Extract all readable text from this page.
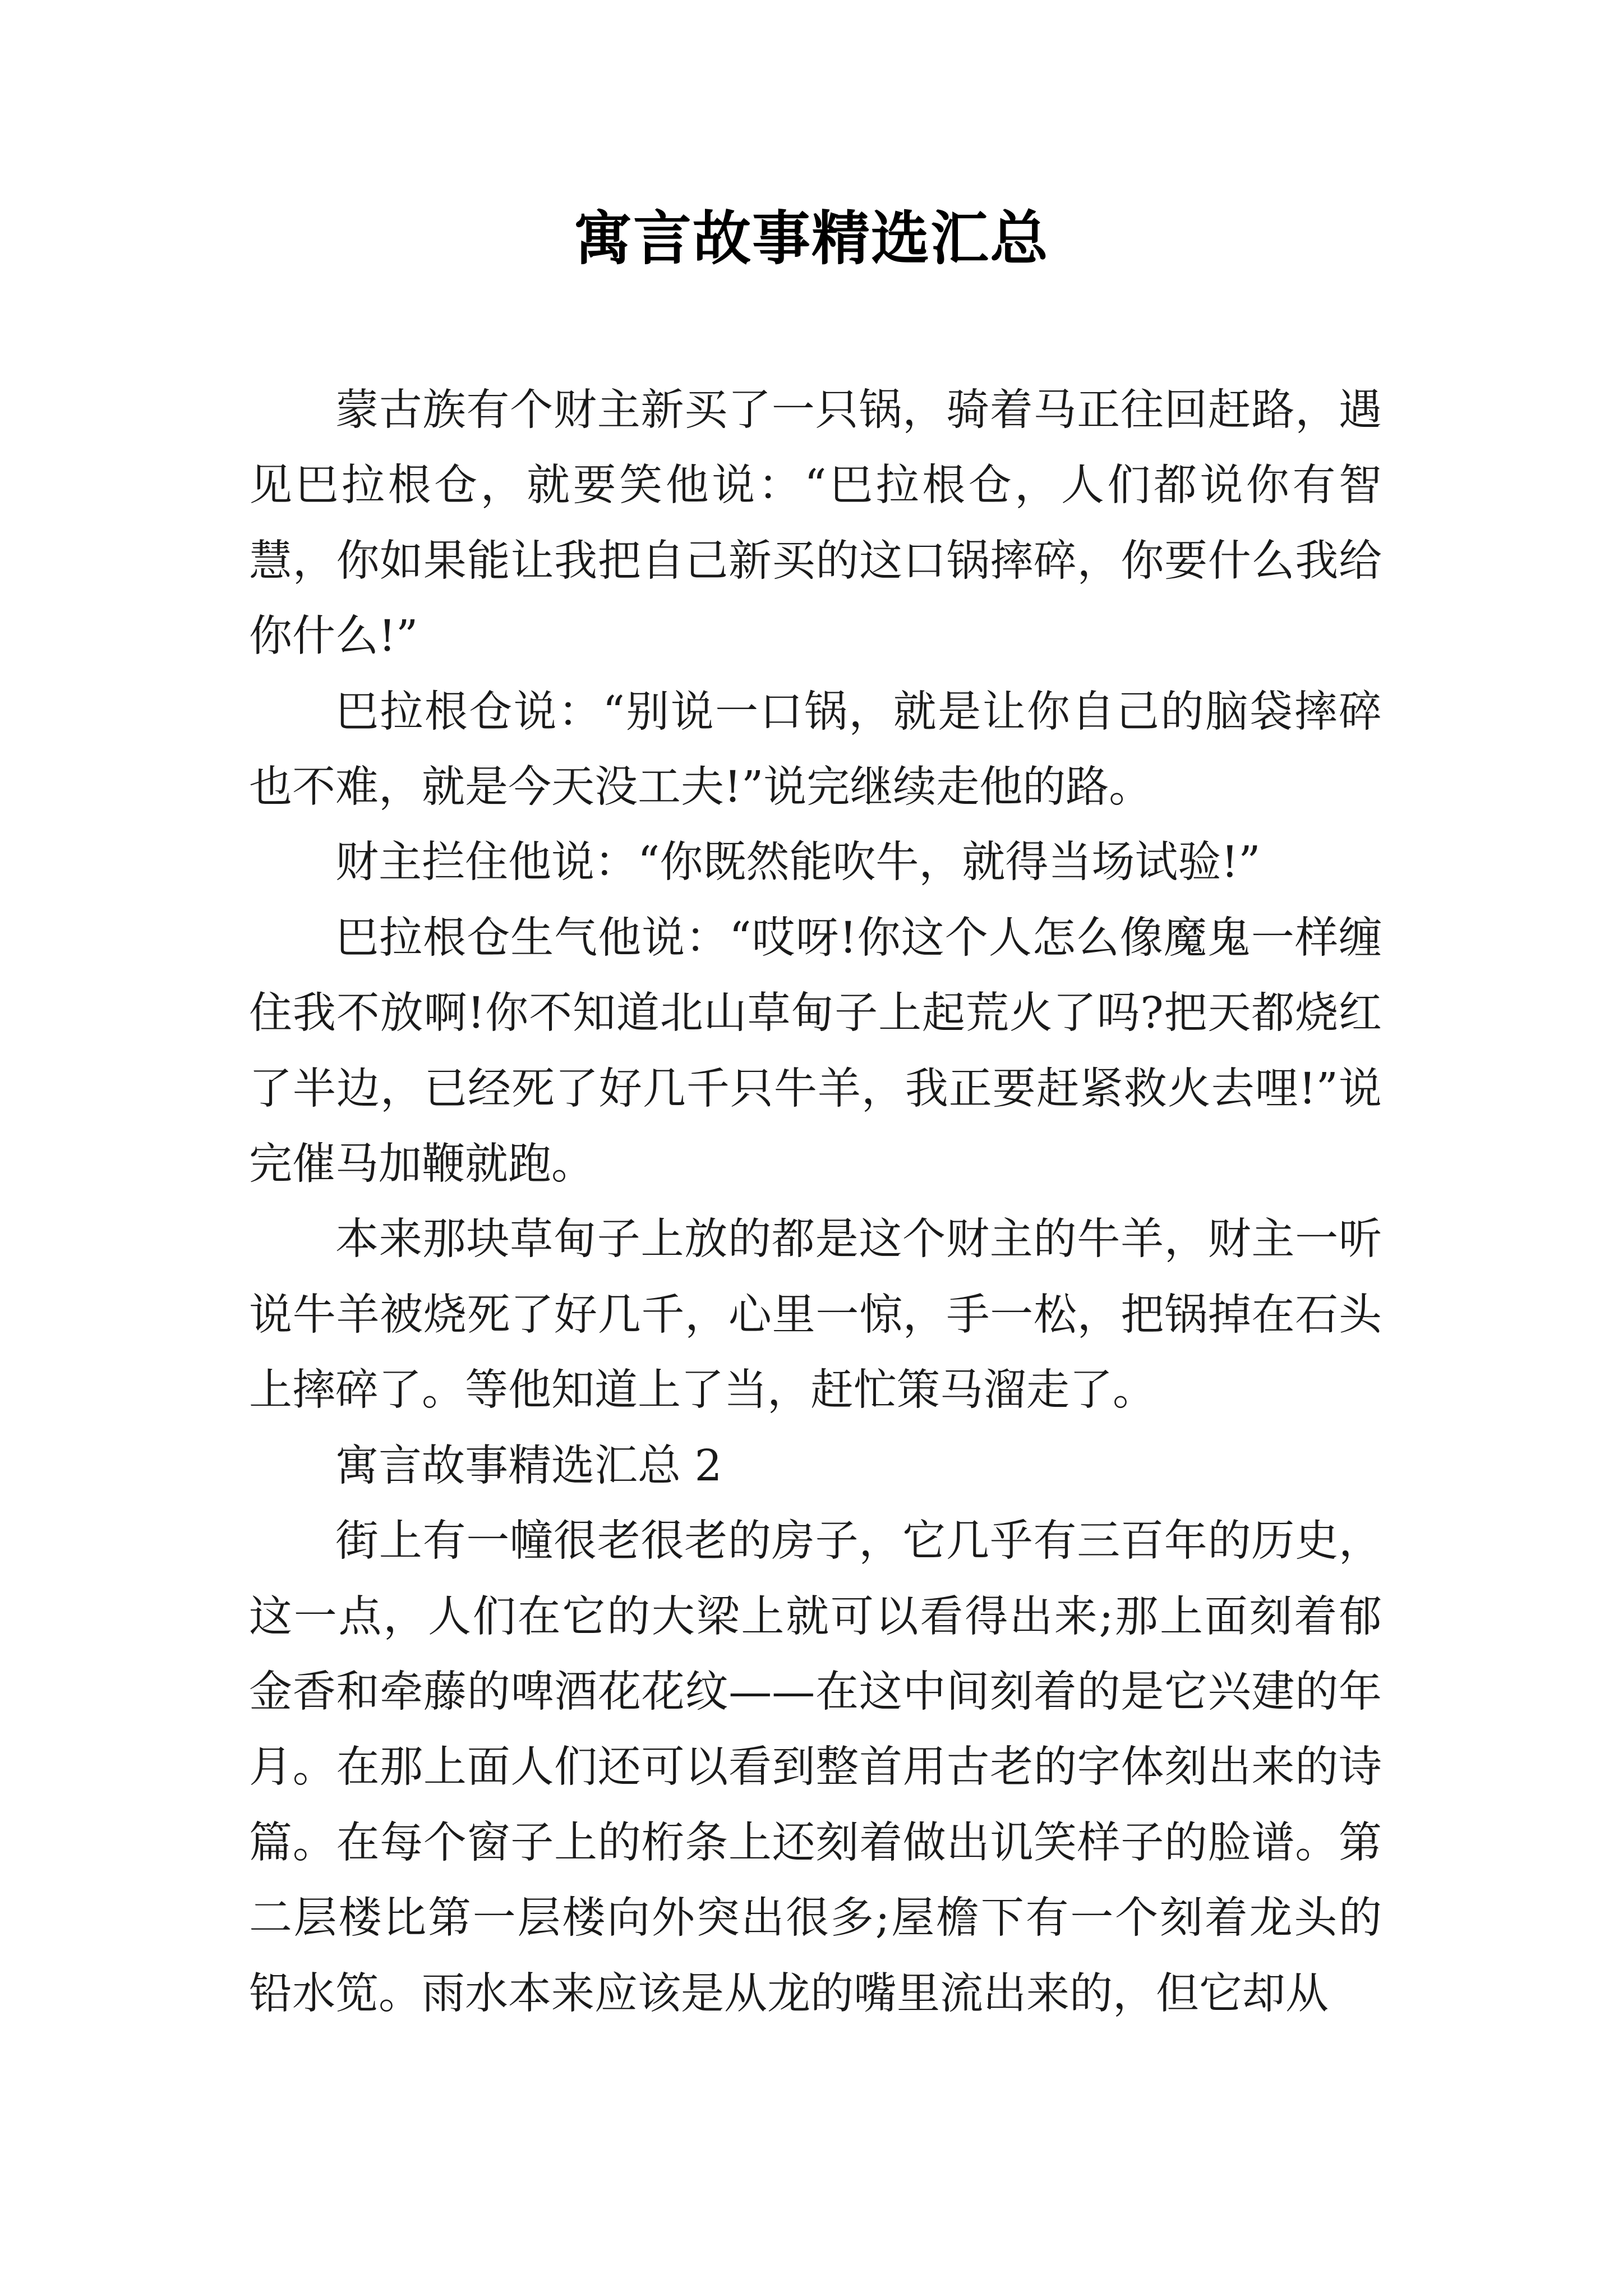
寓言故事精选汇总

蒙古族有个财主新买了一只锅，骑着马正往回赶路，遇见巴拉根仓，就要笑他说：“巴拉根仓，人们都说你有智慧，你如果能让我把自己新买的这口锅摔碎，你要什么我给你什么!”

巴拉根仓说：“别说一口锅，就是让你自己的脑袋摔碎也不难，就是今天没工夫!”说完继续走他的路。

财主拦住他说：“你既然能吹牛，就得当场试验!”

巴拉根仓生气他说：“哎呀!你这个人怎么像魔鬼一样缠住我不放啊!你不知道北山草甸子上起荒火了吗?把天都烧红了半边，已经死了好几千只牛羊，我正要赶紧救火去哩!”说完催马加鞭就跑。

本来那块草甸子上放的都是这个财主的牛羊，财主一听说牛羊被烧死了好几千，心里一惊，手一松，把锅掉在石头上摔碎了。等他知道上了当，赶忙策马溜走了。

寓言故事精选汇总 2

街上有一幢很老很老的房子，它几乎有三百年的历史，这一点，人们在它的大梁上就可以看得出来;那上面刻着郁金香和牵藤的啤酒花花纹——在这中间刻着的是它兴建的年月。在那上面人们还可以看到整首用古老的字体刻出来的诗篇。在每个窗子上的桁条上还刻着做出讥笑样子的脸谱。第二层楼比第一层楼向外突出很多;屋檐下有一个刻着龙头的铅水笕。雨水本来应该是从龙的嘴里流出来的，但它却从
